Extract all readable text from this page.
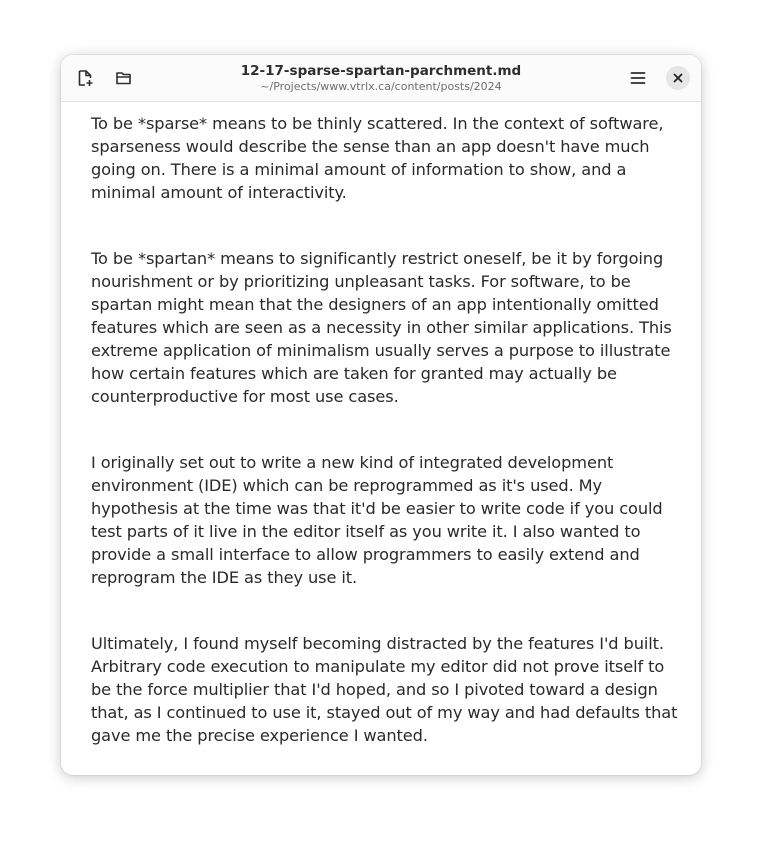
12-17-sparse-spartan-parchment.md
~/Projects/www.vtrlx.ca/content/posts/2024

To be *sparse* means to be thinly scattered. In the context of software, sparseness would describe the sense than an app doesn't have much going on. There is a minimal amount of information to show, and a minimal amount of interactivity.

To be *spartan* means to significantly restrict oneself, be it by forgoing nourishment or by prioritizing unpleasant tasks. For software, to be spartan might mean that the designers of an app intentionally omitted features which are seen as a necessity in other similar applications. This extreme application of minimalism usually serves a purpose to illustrate how certain features which are taken for granted may actually be counterproductive for most use cases.

I originally set out to write a new kind of integrated development environment (IDE) which can be reprogrammed as it's used. My hypothesis at the time was that it'd be easier to write code if you could test parts of it live in the editor itself as you write it. I also wanted to provide a small interface to allow programmers to easily extend and reprogram the IDE as they use it.

Ultimately, I found myself becoming distracted by the features I'd built. Arbitrary code execution to manipulate my editor did not prove itself to be the force multiplier that I'd hoped, and so I pivoted toward a design that, as I continued to use it, stayed out of my way and had defaults that gave me the precise experience I wanted.
